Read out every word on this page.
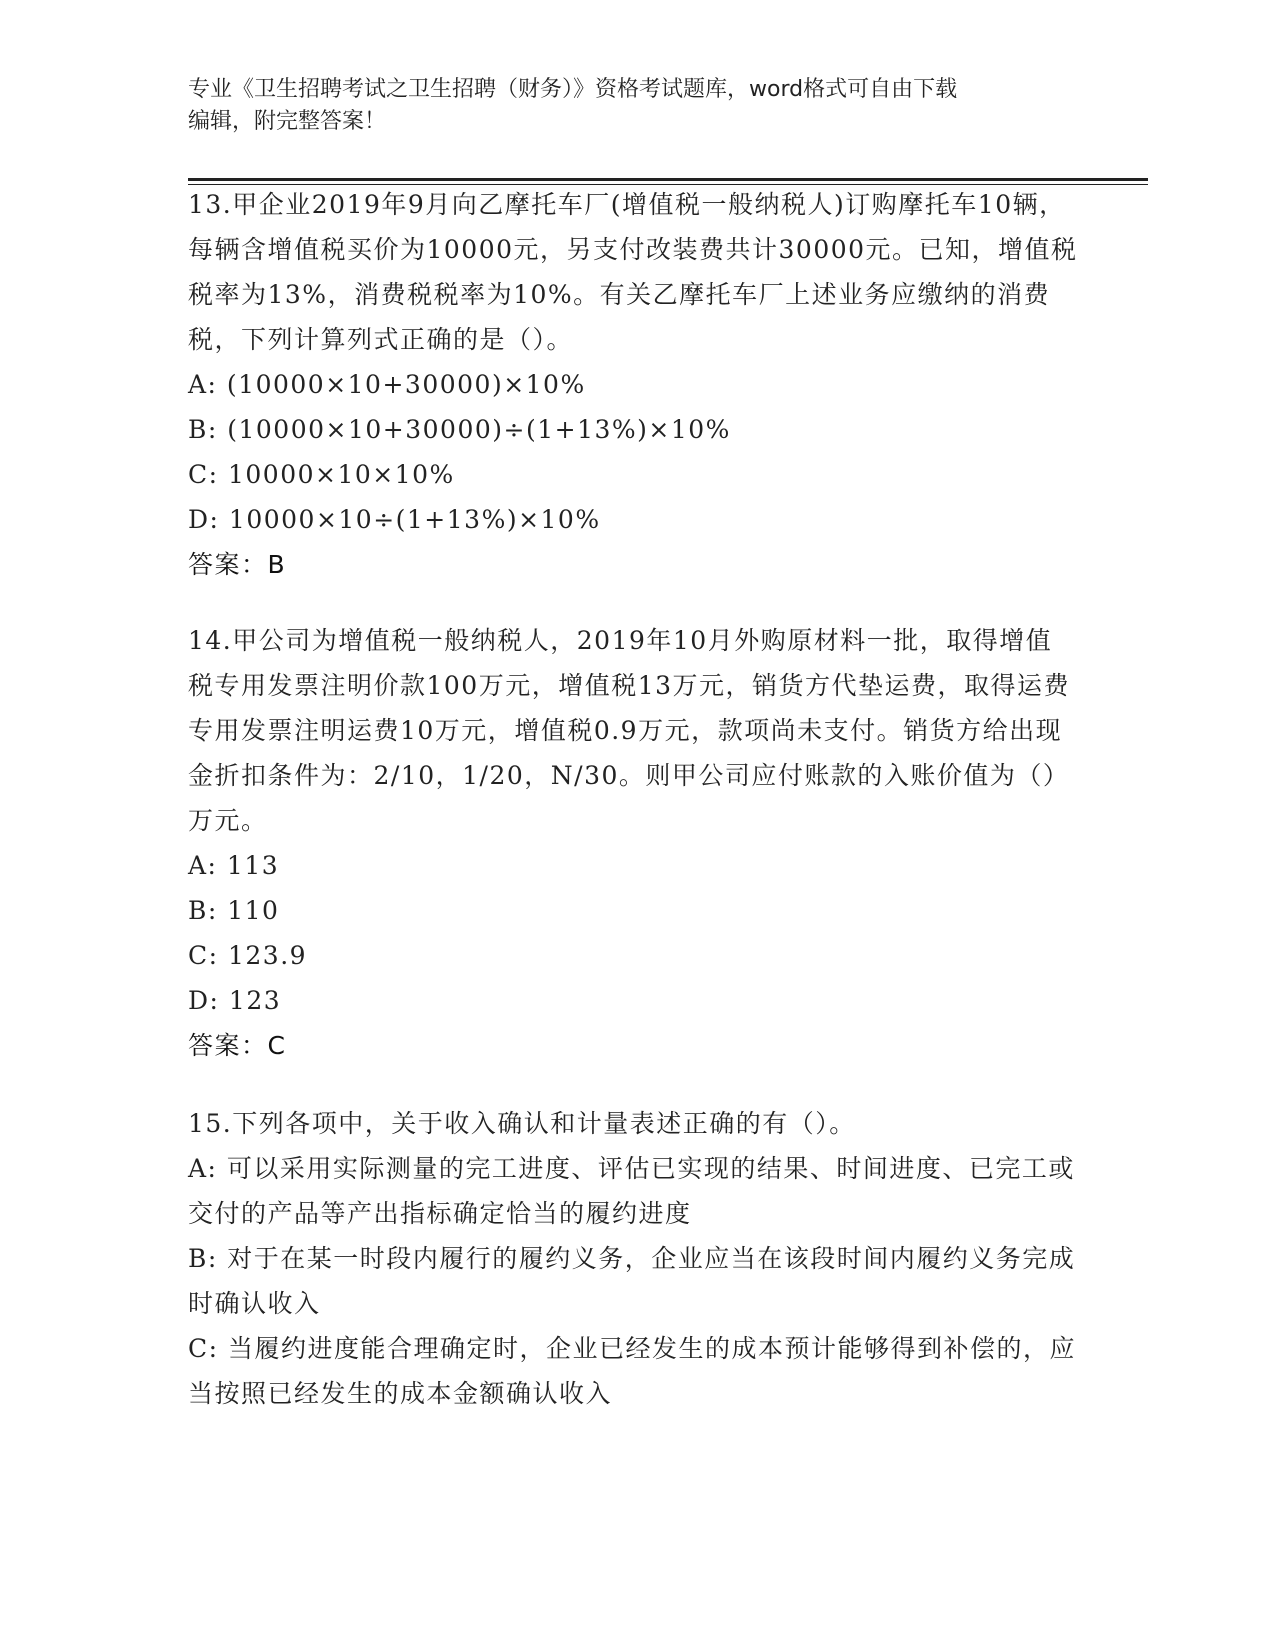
专业《卫生招聘考试之卫生招聘（财务）》资格考试题库，word格式可自由下载
编辑，附完整答案！

13.甲企业2019年9月向乙摩托车厂(增值税一般纳税人)订购摩托车10辆，每辆含增值税买价为10000元，另支付改装费共计30000元。已知，增值税税率为13%，消费税税率为10%。有关乙摩托车厂上述业务应缴纳的消费税，下列计算列式正确的是（）。

A: (10000×10+30000)×10%

B: (10000×10+30000)÷(1+13%)×10%

C: 10000×10×10%

D: 10000×10÷(1+13%)×10%

答案：B

14.甲公司为增值税一般纳税人，2019年10月外购原材料一批，取得增值税专用发票注明价款100万元，增值税13万元，销货方代垫运费，取得运费专用发票注明运费10万元，增值税0.9万元，款项尚未支付。销货方给出现金折扣条件为：2/10，1/20，N/30。则甲公司应付账款的入账价值为（）万元。

A: 113

B: 110

C: 123.9

D: 123

答案：C

15.下列各项中，关于收入确认和计量表述正确的有（）。

A: 可以采用实际测量的完工进度、评估已实现的结果、时间进度、已完工或交付的产品等产出指标确定恰当的履约进度

B: 对于在某一时段内履行的履约义务，企业应当在该段时间内履约义务完成时确认收入

C: 当履约进度能合理确定时，企业已经发生的成本预计能够得到补偿的，应当按照已经发生的成本金额确认收入
